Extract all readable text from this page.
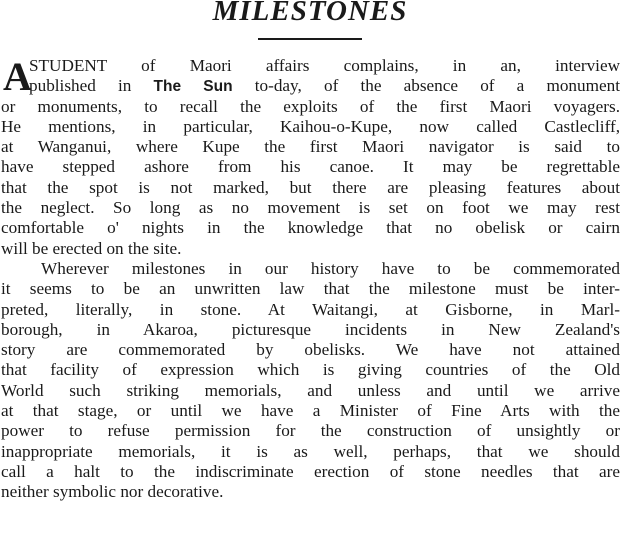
MILESTONES
A
STUDENT of Maori affairs complains, in an, interview
published in The Sun to-day, of the absence of a monument
or monuments, to recall the exploits of the first Maori voyagers.
He mentions, in particular, Kaihou-o-Kupe, now called Castlecliff,
at Wanganui, where Kupe the first Maori navigator is said to
have stepped ashore from his canoe. It may be regrettable
that the spot is not marked, but there are pleasing features about
the neglect. So long as no movement is set on foot we may rest
comfortable o' nights in the knowledge that no obelisk or cairn
will be erected on the site.
Wherever milestones in our history have to be commemorated
it seems to be an unwritten law that the milestone must be inter-
preted, literally, in stone. At Waitangi, at Gisborne, in Marl-
borough, in Akaroa, picturesque incidents in New Zealand's
story are commemorated by obelisks. We have not attained
that facility of expression which is giving countries of the Old
World such striking memorials, and unless and until we arrive
at that stage, or until we have a Minister of Fine Arts with the
power to refuse permission for the construction of unsightly or
inappropriate memorials, it is as well, perhaps, that we should
call a halt to the indiscriminate erection of stone needles that are
neither symbolic nor decorative.
